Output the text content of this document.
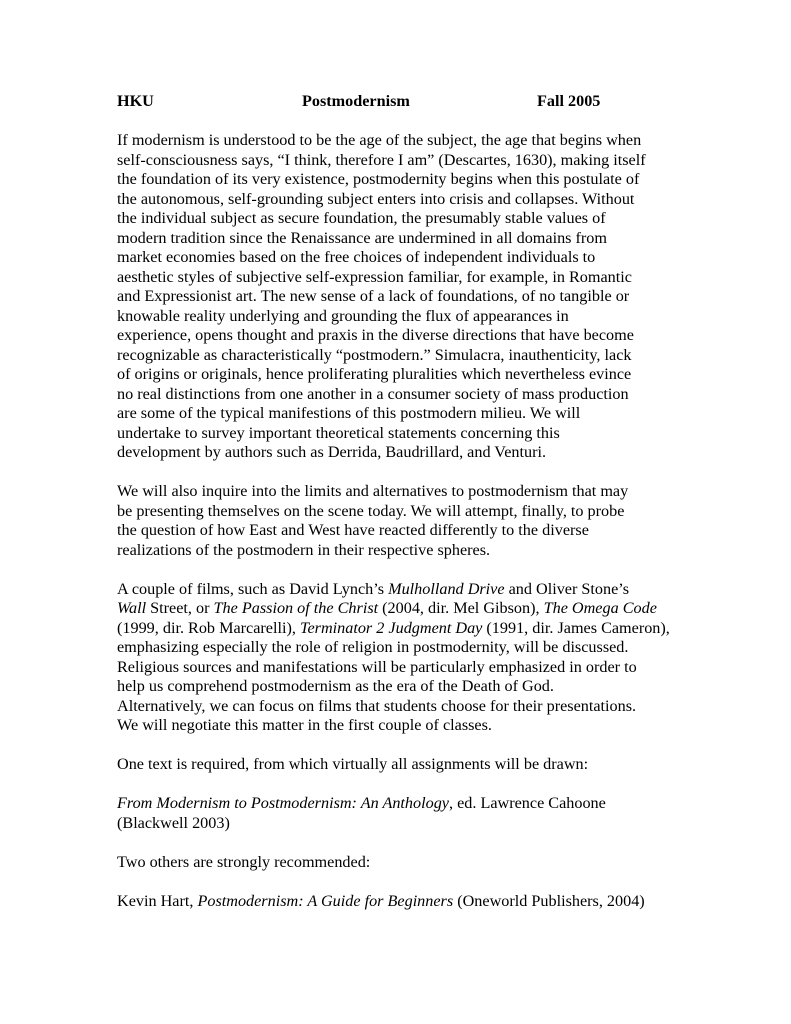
HKU	Postmodernism	Fall 2005

If modernism is understood to be the age of the subject, the age that begins when
self-consciousness says, “I think, therefore I am” (Descartes, 1630), making itself
the foundation of its very existence, postmodernity begins when this postulate of
the autonomous, self-grounding subject enters into crisis and collapses. Without
the individual subject as secure foundation, the presumably stable values of
modern tradition since the Renaissance are undermined in all domains from
market economies based on the free choices of independent individuals to
aesthetic styles of subjective self-expression familiar, for example, in Romantic
and Expressionist art. The new sense of a lack of foundations, of no tangible or
knowable reality underlying and grounding the flux of appearances in
experience, opens thought and praxis in the diverse directions that have become
recognizable as characteristically “postmodern.” Simulacra, inauthenticity, lack
of origins or originals, hence proliferating pluralities which nevertheless evince
no real distinctions from one another in a consumer society of mass production
are some of the typical manifestions of this postmodern milieu. We will
undertake to survey important theoretical statements concerning this
development by authors such as Derrida, Baudrillard, and Venturi.

We will also inquire into the limits and alternatives to postmodernism that may
be presenting themselves on the scene today. We will attempt, finally, to probe
the question of how East and West have reacted differently to the diverse
realizations of the postmodern in their respective spheres.

A couple of films, such as David Lynch’s Mulholland Drive and Oliver Stone’s
Wall Street, or The Passion of the Christ (2004, dir. Mel Gibson), The Omega Code
(1999, dir. Rob Marcarelli), Terminator 2 Judgment Day (1991, dir. James Cameron),
emphasizing especially the role of religion in postmodernity, will be discussed.
Religious sources and manifestations will be particularly emphasized in order to
help us comprehend postmodernism as the era of the Death of God.
Alternatively, we can focus on films that students choose for their presentations.
We will negotiate this matter in the first couple of classes.

One text is required, from which virtually all assignments will be drawn:

From Modernism to Postmodernism: An Anthology, ed. Lawrence Cahoone
(Blackwell 2003)

Two others are strongly recommended:

Kevin Hart, Postmodernism: A Guide for Beginners (Oneworld Publishers, 2004)
